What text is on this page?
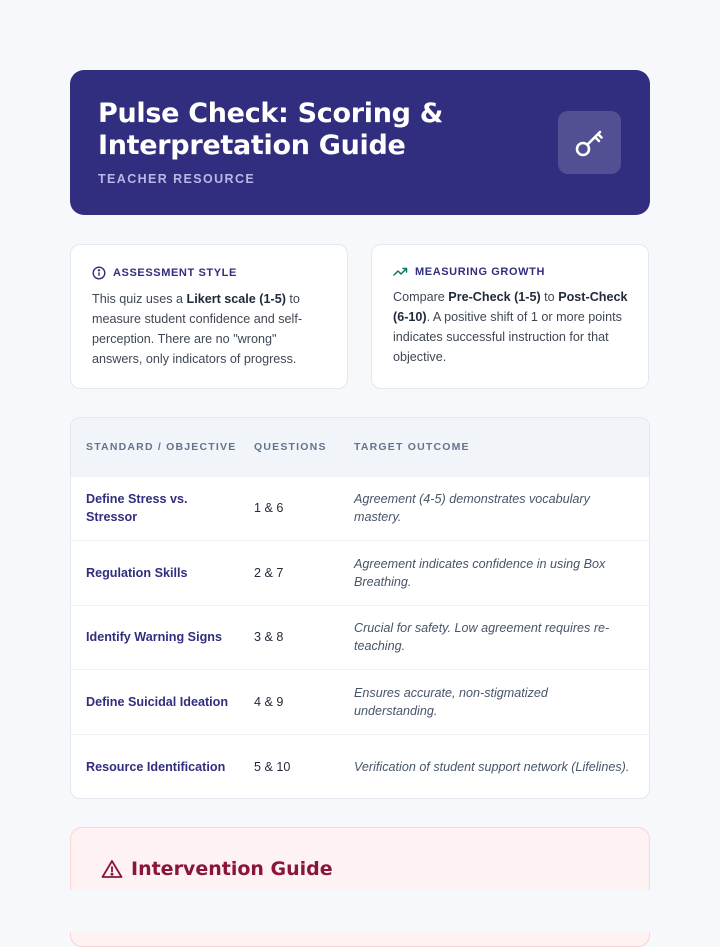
Pulse Check: Scoring & Interpretation Guide
TEACHER RESOURCE
ASSESSMENT STYLE

This quiz uses a Likert scale (1-5) to measure student confidence and self-perception. There are no "wrong" answers, only indicators of progress.

MEASURING GROWTH

Compare Pre-Check (1-5) to Post-Check (6-10). A positive shift of 1 or more points indicates successful instruction for that objective.

STANDARD / OBJECTIVE	QUESTIONS	TARGET OUTCOME
Define Stress vs. Stressor	1 & 6	Agreement (4-5) demonstrates vocabulary mastery.
Regulation Skills	2 & 7	Agreement indicates confidence in using Box Breathing.
Identify Warning Signs	3 & 8	Crucial for safety. Low agreement requires re-teaching.
Define Suicidal Ideation	4 & 9	Ensures accurate, non-stigmatized understanding.
Resource Identification	5 & 10	Verification of student support network (Lifelines).
Intervention Guide
